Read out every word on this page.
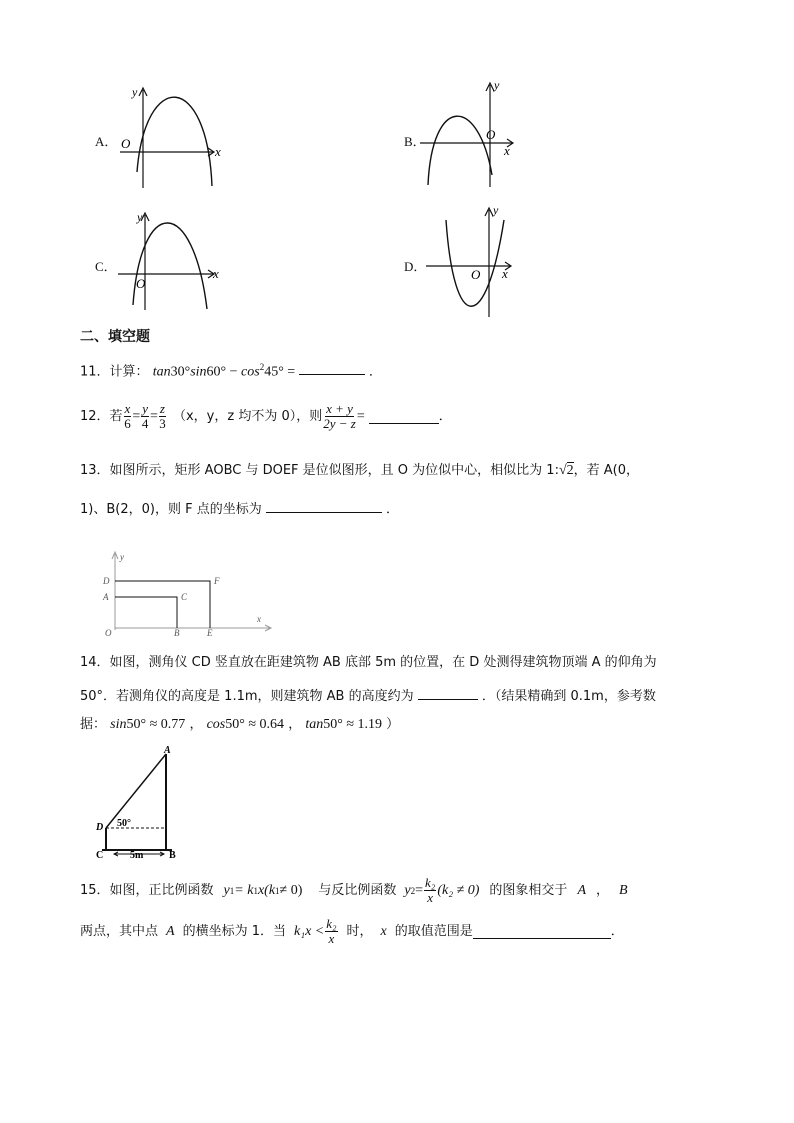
A．
x
y
O	B．
x
y
O
C．	x
y
O
D．	x
y
O
二、填空题
11．计算： $\tan 30^\circ\sin 60^\circ - \cos^245^\circ$ =	．
12．若 $\frac{x}{6} = \frac{y}{4} = \frac{z}{3} (x$，y，z 均不为 0），则 $\frac{x + y}{2y - z}$ =	．
13．如图所示，矩形 AOBC 与 DOEF 是位似图形，且 O 为位似中心，相似比为 1:√2，若 A(0，
1)、B(2，0)，则 F 点的坐标为	．
y
x
D
A
F
C
O	B	E
14．如图，测角仪 CD 竖直放在距建筑物 AB 底部 5m 的位置，在 D 处测得建筑物顶端 A 的仰角为
50°．若测角仪的高度是 1.1m，则建筑物 AB 的高度约为	．（结果精确到 0.1m，参考数
据： sin50° ≈ 0.77 ， cos50° ≈ 0.64 ， tan50° ≈ 1.19 ）
A
D 50°
C	5m	B
15．如图，正比例函数 y 1 = k 1 x(k 1 ≠ 0) 与反比例函数 y $2 = \frac{\text{k₂}}{x} (k_2 \ne 0)$ 的图象相交于 A ， B
两点，其中点 A 的横坐标为 1．当 $k_1x < \frac{\text{k₂}}{x}$ 时， x 的取值范围是	．
